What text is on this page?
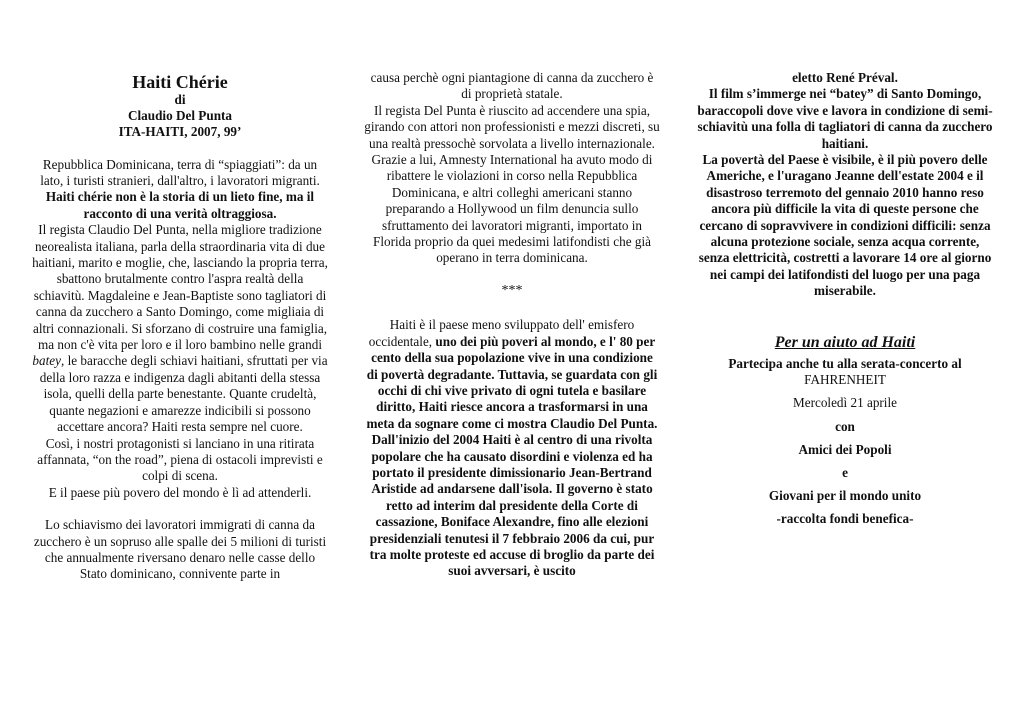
Haiti Chérie

di

Claudio Del Punta

ITA-HAITI, 2007, 99’

Repubblica Dominicana, terra di “spiaggiati”: da un lato, i turisti stranieri, dall'altro, i lavoratori migranti. Haiti chérie non è la storia di un lieto fine, ma il racconto di una verità oltraggiosa.

Il regista Claudio Del Punta, nella migliore tradizione neorealista italiana, parla della straordinaria vita di due haitiani, marito e moglie, che, lasciando la propria terra, sbattono brutalmente contro l'aspra realtà della schiavitù. Magdaleine e Jean-Baptiste sono tagliatori di canna da zucchero a Santo Domingo, come migliaia di altri connazionali. Si sforzano di costruire una famiglia, ma non c'è vita per loro e il loro bambino nelle grandi batey, le baracche degli schiavi haitiani, sfruttati per via della loro razza e indigenza dagli abitanti della stessa isola, quelli della parte benestante. Quante crudeltà, quante negazioni e amarezze indicibili si possono accettare ancora? Haiti resta sempre nel cuore.

Così, i nostri protagonisti si lanciano in una ritirata affannata, “on the road”, piena di ostacoli imprevisti e colpi di scena.

E il paese più povero del mondo è lì ad attenderli.

Lo schiavismo dei lavoratori immigrati di canna da zucchero è un sopruso alle spalle dei 5 milioni di turisti che annualmente riversano denaro nelle casse dello Stato dominicano, connivente parte in

causa perchè ogni piantagione di canna da zucchero è di proprietà statale.

Il regista Del Punta è riuscito ad accendere una spia, girando con attori non professionisti e mezzi discreti, su una realtà pressochè sorvolata a livello internazionale. Grazie a lui, Amnesty International ha avuto modo di ribattere le violazioni in corso nella Repubblica Dominicana, e altri colleghi americani stanno preparando a Hollywood un film denuncia sullo sfruttamento dei lavoratori migranti, importato in Florida proprio da quei medesimi latifondisti che già operano in terra dominicana.

***

Haiti è il paese meno sviluppato dell' emisfero occidentale, uno dei più poveri al mondo, e l' 80 per cento della sua popolazione vive in una condizione di povertà degradante. Tuttavia, se guardata con gli occhi di chi vive privato di ogni tutela e basilare diritto, Haiti riesce ancora a trasformarsi in una meta da sognare come ci mostra Claudio Del Punta.

Dall'inizio del 2004 Haiti è al centro di una rivolta popolare che ha causato disordini e violenza ed ha portato il presidente dimissionario Jean-Bertrand Aristide ad andarsene dall'isola. Il governo è stato retto ad interim dal presidente della Corte di cassazione, Boniface Alexandre, fino alle elezioni presidenziali tenutesi il 7 febbraio 2006 da cui, pur tra molte proteste ed accuse di broglio da parte dei suoi avversari, è uscito

eletto René Préval.

Il film s’immerge nei “batey” di Santo Domingo, baraccopoli dove vive e lavora in condizione di semi-schiavitù una folla di tagliatori di canna da zucchero haitiani.

La povertà del Paese è visibile, è il più povero delle Americhe, e l'uragano Jeanne dell'estate 2004 e il disastroso terremoto del gennaio 2010 hanno reso ancora più difficile la vita di queste persone che cercano di sopravvivere in condizioni difficili: senza alcuna protezione sociale, senza acqua corrente, senza elettricità, costretti a lavorare 14 ore al giorno nei campi dei latifondisti del luogo per una paga miserabile.

Per un aiuto ad Haiti

Partecipa anche tu alla serata-concerto al

FAHRENHEIT

Mercoledì 21 aprile

con

Amici dei Popoli

e

Giovani per il mondo unito

-raccolta fondi benefica-
